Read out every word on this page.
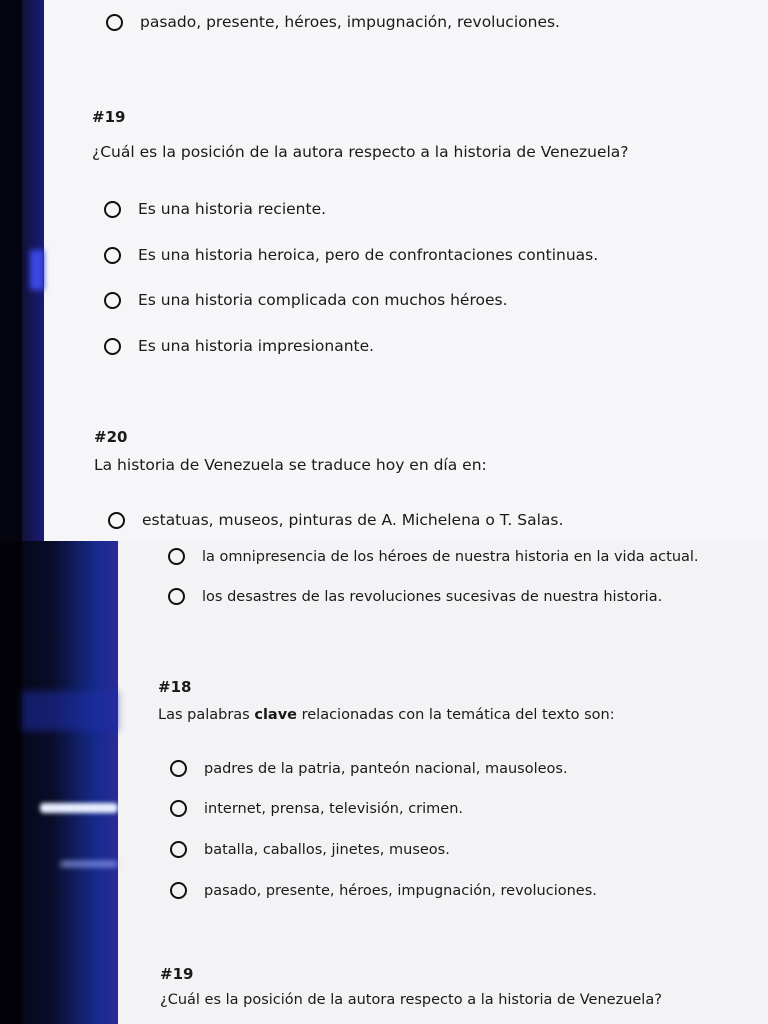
pasado, presente, héroes, impugnación, revoluciones.
#19
¿Cuál es la posición de la autora respecto a la historia de Venezuela?
Es una historia reciente.
Es una historia heroica, pero de confrontaciones continuas.
Es una historia complicada con muchos héroes.
Es una historia impresionante.
#20
La historia de Venezuela se traduce hoy en día en:
estatuas, museos, pinturas de A. Michelena o T. Salas.
la omnipresencia de los héroes de nuestra historia en la vida actual.
los desastres de las revoluciones sucesivas de nuestra historia.
#18
Las palabras clave relacionadas con la temática del texto son:
padres de la patria, panteón nacional, mausoleos.
internet, prensa, televisión, crimen.
batalla, caballos, jinetes, museos.
pasado, presente, héroes, impugnación, revoluciones.
#19
¿Cuál es la posición de la autora respecto a la historia de Venezuela?
